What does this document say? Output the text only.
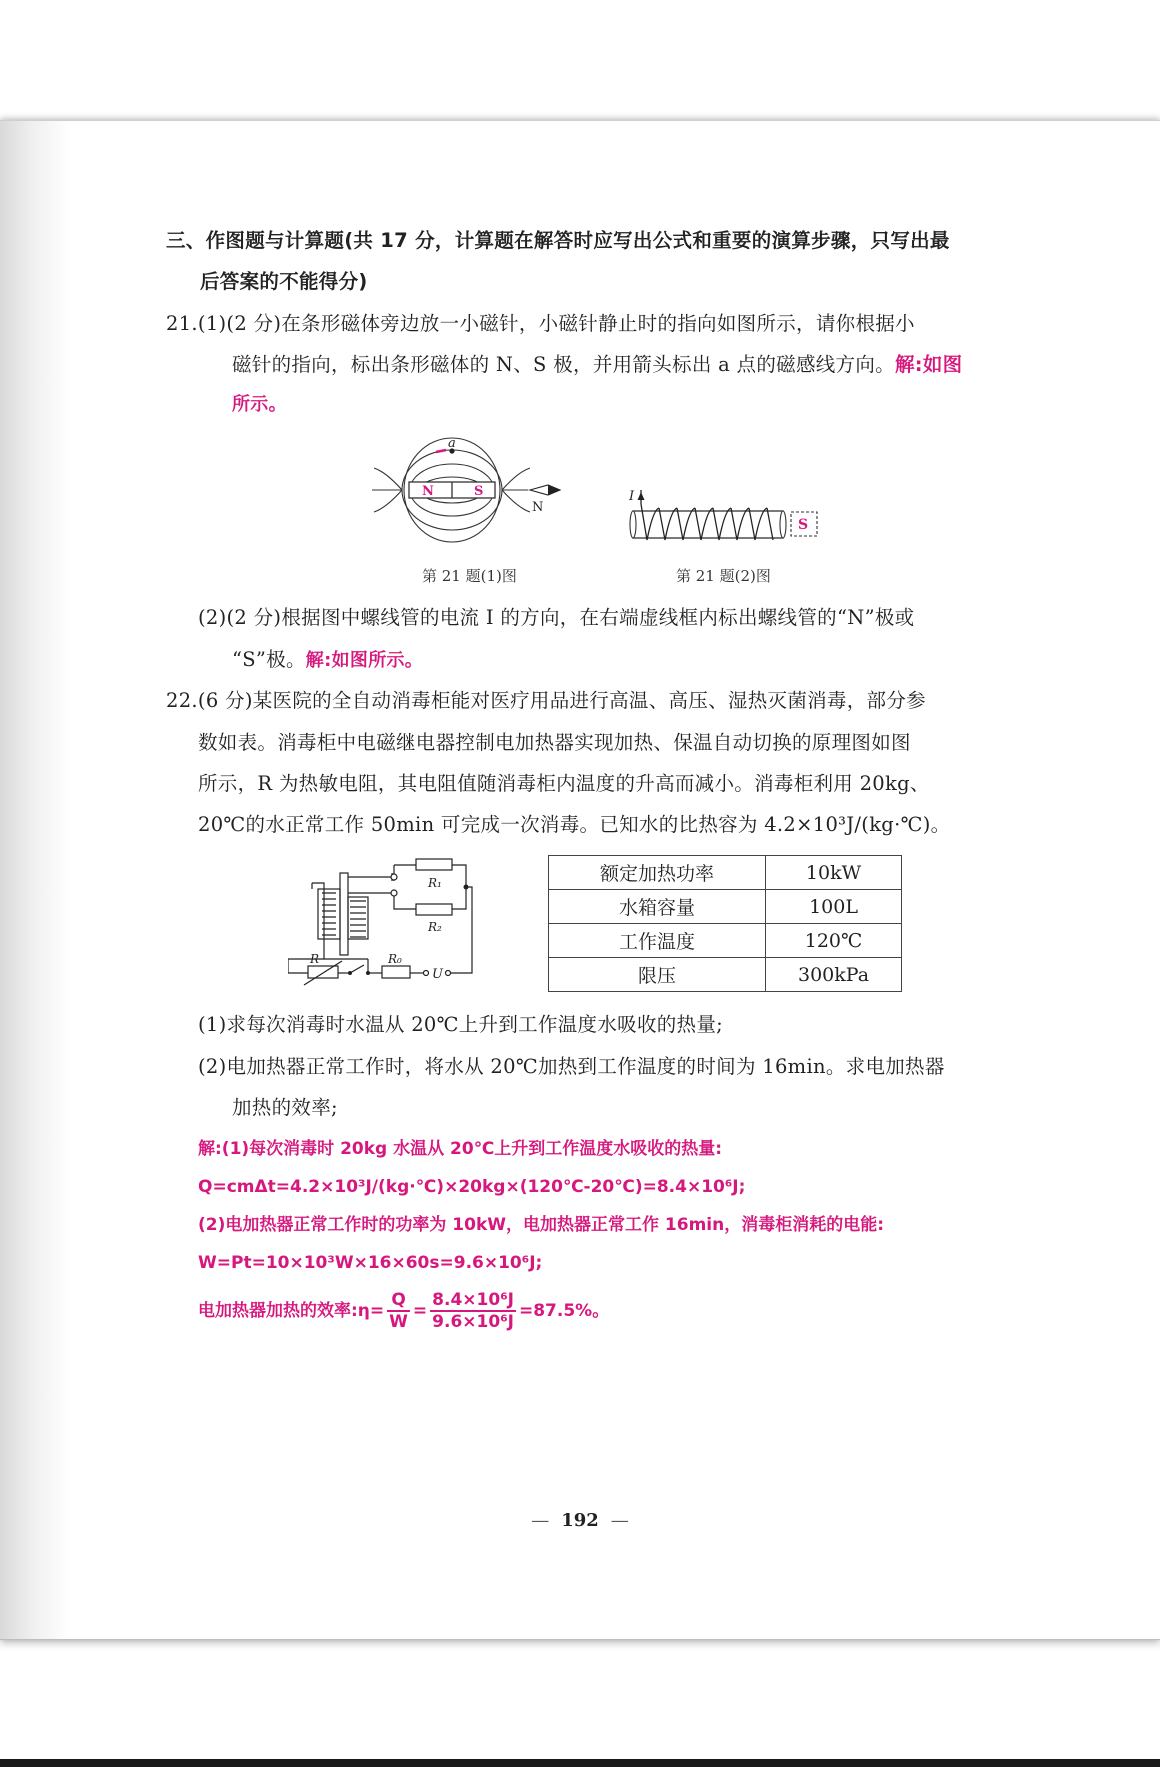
三、作图题与计算题(共 17 分，计算题在解答时应写出公式和重要的演算步骤，只写出最
后答案的不能得分)
21.(1)(2 分)在条形磁体旁边放一小磁针，小磁针静止时的指向如图所示，请你根据小
磁针的指向，标出条形磁体的 N、S 极，并用箭头标出 a 点的磁感线方向。解:如图
所示。
N	S
a
N
I
S
第 21 题(1)图	第 21 题(2)图
(2)(2 分)根据图中螺线管的电流 I 的方向，在右端虚线框内标出螺线管的“N”极或
“S”极。解:如图所示。
22.(6 分)某医院的全自动消毒柜能对医疗用品进行高温、高压、湿热灭菌消毒，部分参
数如表。消毒柜中电磁继电器控制电加热器实现加热、保温自动切换的原理图如图
所示，R 为热敏电阻，其电阻值随消毒柜内温度的升高而减小。消毒柜利用 20kg、
20℃的水正常工作 50min 可完成一次消毒。已知水的比热容为 4.2×10³J/(kg·℃)。
R₁
R₂
R	R₀
U
额定加热功率	10kW
水箱容量	100L
工作温度	120℃
限压	300kPa
(1)求每次消毒时水温从 20℃上升到工作温度水吸收的热量;
(2)电加热器正常工作时，将水从 20℃加热到工作温度的时间为 16min。求电加热器
加热的效率;
解:(1)每次消毒时 20kg 水温从 20℃上升到工作温度水吸收的热量:
Q=cmΔt=4.2×10³J/(kg·℃)×20kg×(120℃-20℃)=8.4×10⁶J;
(2)电加热器正常工作时的功率为 10kW，电加热器正常工作 16min，消毒柜消耗的电能:
W=Pt=10×10³W×16×60s=9.6×10⁶J;
电加热器加热的效率:η= $\frac{Q}{W} = \frac{\text{8.4×10⁶J}}{\text{9.6×10⁶J}} =87.5\%$。
— 192 —
